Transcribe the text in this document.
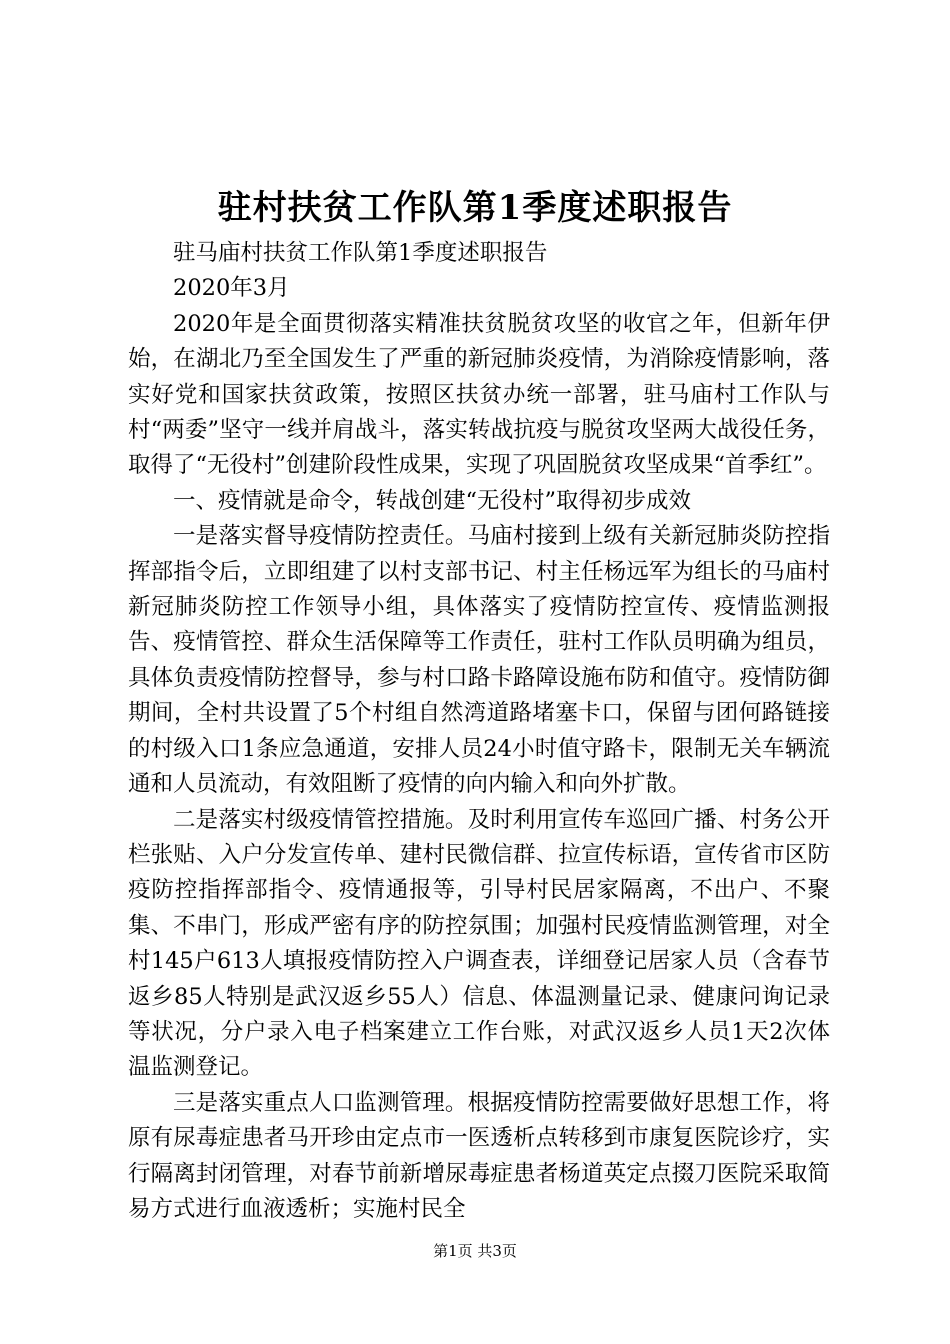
驻村扶贫工作队第1季度述职报告

驻马庙村扶贫工作队第1季度述职报告

2020年3月

2020年是全面贯彻落实精准扶贫脱贫攻坚的收官之年，但新年伊始，在湖北乃至全国发生了严重的新冠肺炎疫情，为消除疫情影响，落实好党和国家扶贫政策，按照区扶贫办统一部署，驻马庙村工作队与村“两委”坚守一线并肩战斗，落实转战抗疫与脱贫攻坚两大战役任务，取得了“无役村”创建阶段性成果，实现了巩固脱贫攻坚成果“首季红”。

一、疫情就是命令，转战创建“无役村”取得初步成效

一是落实督导疫情防控责任。马庙村接到上级有关新冠肺炎防控指挥部指令后，立即组建了以村支部书记、村主任杨远军为组长的马庙村新冠肺炎防控工作领导小组，具体落实了疫情防控宣传、疫情监测报告、疫情管控、群众生活保障等工作责任，驻村工作队员明确为组员，具体负责疫情防控督导，参与村口路卡路障设施布防和值守。疫情防御期间，全村共设置了5个村组自然湾道路堵塞卡口，保留与团何路链接的村级入口1条应急通道，安排人员24小时值守路卡，限制无关车辆流通和人员流动，有效阻断了疫情的向内输入和向外扩散。

二是落实村级疫情管控措施。及时利用宣传车巡回广播、村务公开栏张贴、入户分发宣传单、建村民微信群、拉宣传标语，宣传省市区防疫防控指挥部指令、疫情通报等，引导村民居家隔离，不出户、不聚集、不串门，形成严密有序的防控氛围；加强村民疫情监测管理，对全村145户613人填报疫情防控入户调查表，详细登记居家人员（含春节返乡85人特别是武汉返乡55人）信息、体温测量记录、健康问询记录等状况，分户录入电子档案建立工作台账，对武汉返乡人员1天2次体温监测登记。

三是落实重点人口监测管理。根据疫情防控需要做好思想工作，将原有尿毒症患者马开珍由定点市一医透析点转移到市康复医院诊疗，实行隔离封闭管理，对春节前新增尿毒症患者杨道英定点掇刀医院采取简易方式进行血液透析；实施村民全

第1页 共3页
